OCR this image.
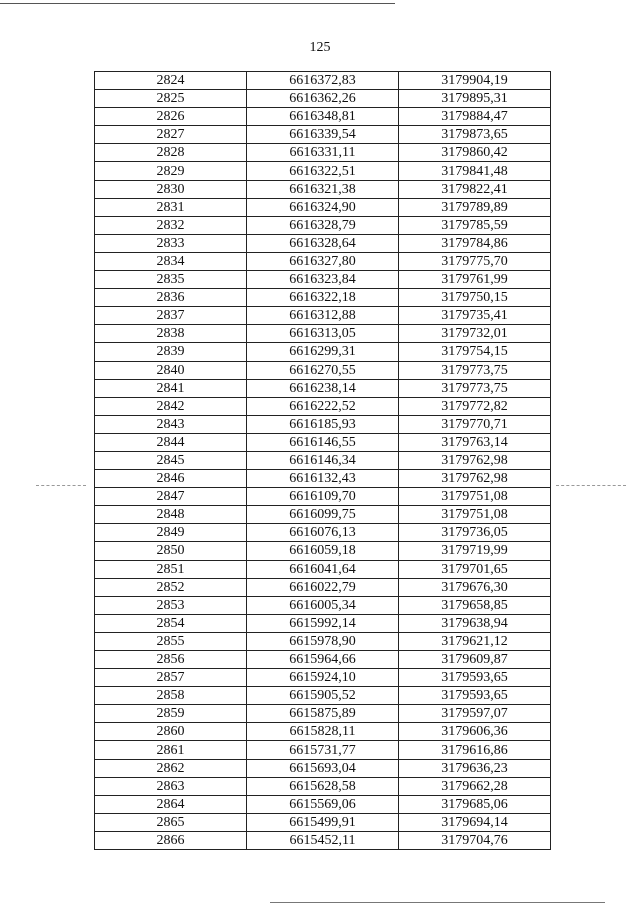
125
2824	6616372,83	3179904,19
2825	6616362,26	3179895,31
2826	6616348,81	3179884,47
2827	6616339,54	3179873,65
2828	6616331,11	3179860,42
2829	6616322,51	3179841,48
2830	6616321,38	3179822,41
2831	6616324,90	3179789,89
2832	6616328,79	3179785,59
2833	6616328,64	3179784,86
2834	6616327,80	3179775,70
2835	6616323,84	3179761,99
2836	6616322,18	3179750,15
2837	6616312,88	3179735,41
2838	6616313,05	3179732,01
2839	6616299,31	3179754,15
2840	6616270,55	3179773,75
2841	6616238,14	3179773,75
2842	6616222,52	3179772,82
2843	6616185,93	3179770,71
2844	6616146,55	3179763,14
2845	6616146,34	3179762,98
2846	6616132,43	3179762,98
2847	6616109,70	3179751,08
2848	6616099,75	3179751,08
2849	6616076,13	3179736,05
2850	6616059,18	3179719,99
2851	6616041,64	3179701,65
2852	6616022,79	3179676,30
2853	6616005,34	3179658,85
2854	6615992,14	3179638,94
2855	6615978,90	3179621,12
2856	6615964,66	3179609,87
2857	6615924,10	3179593,65
2858	6615905,52	3179593,65
2859	6615875,89	3179597,07
2860	6615828,11	3179606,36
2861	6615731,77	3179616,86
2862	6615693,04	3179636,23
2863	6615628,58	3179662,28
2864	6615569,06	3179685,06
2865	6615499,91	3179694,14
2866	6615452,11	3179704,76
